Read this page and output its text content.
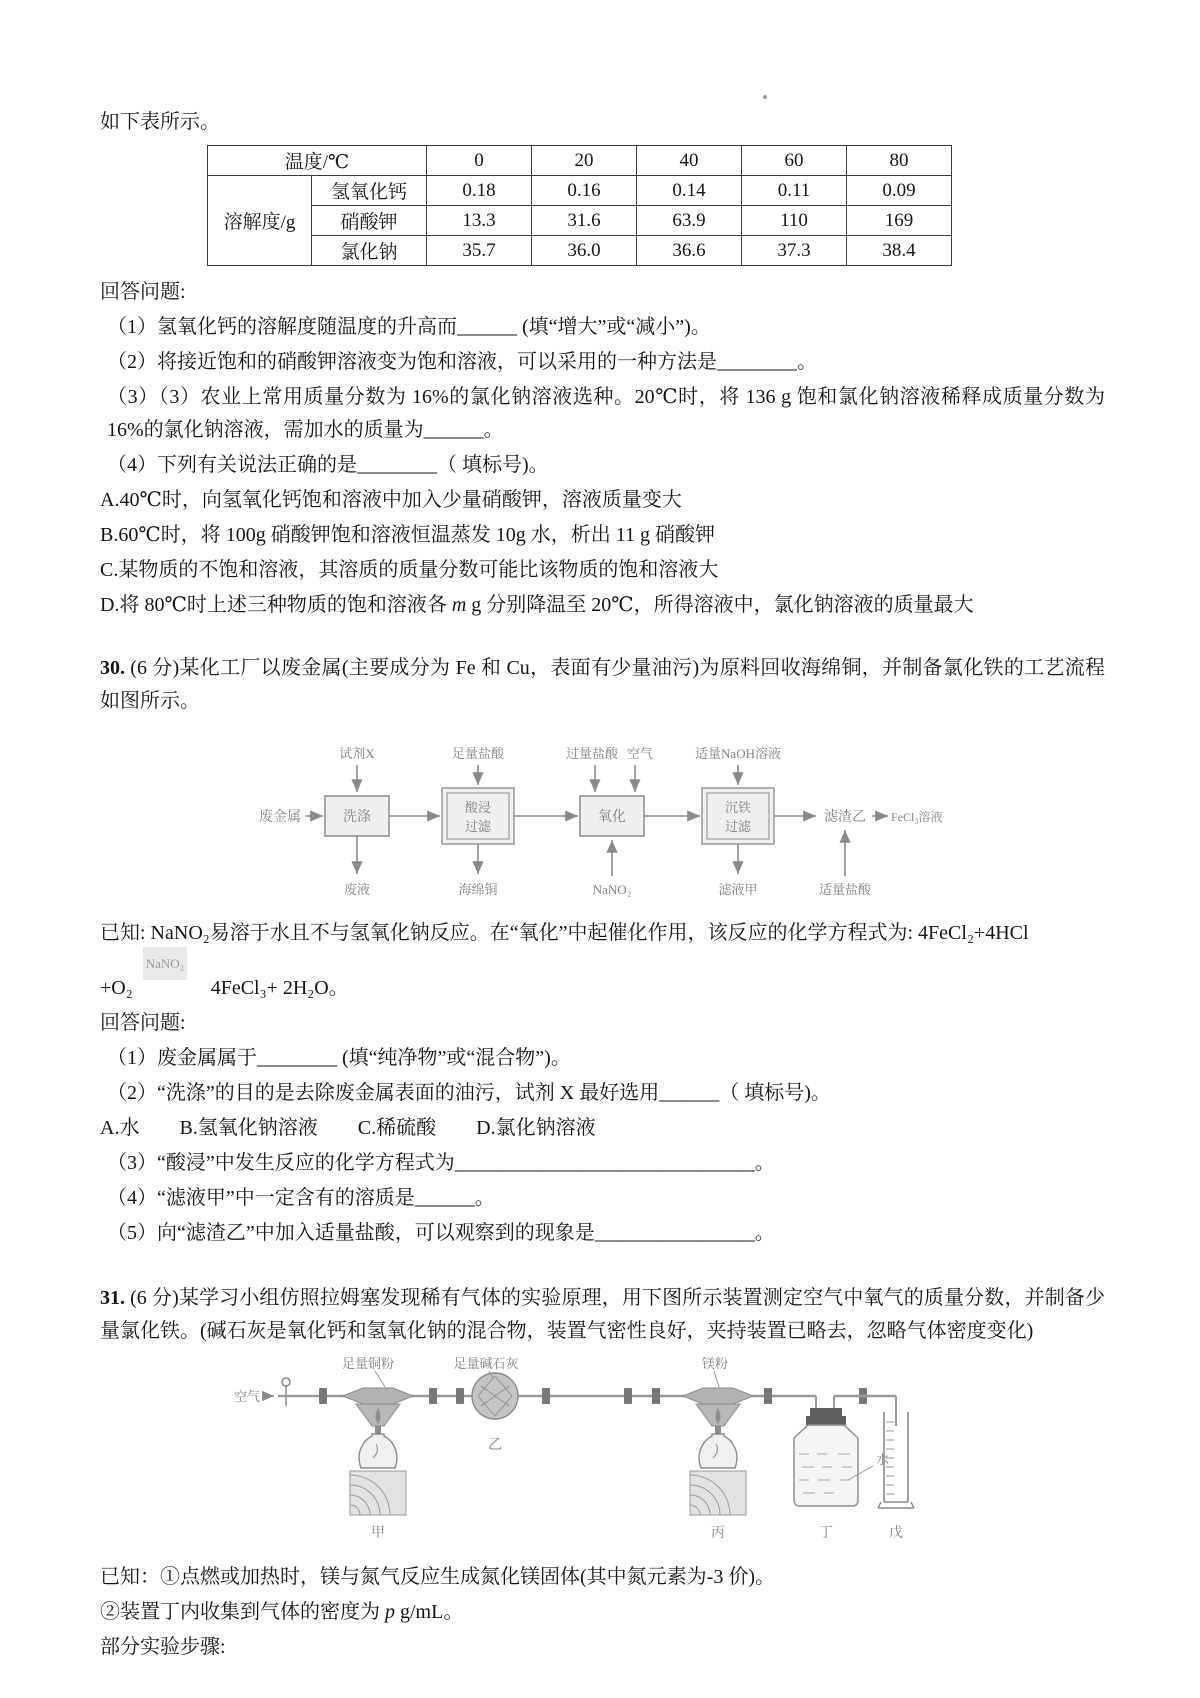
如下表所示。

温度/℃		0	20	40	60	80
溶解度/g	氢氧化钙	0.18	0.16	0.14	0.11	0.09
	硝酸钾	13.3	31.6	63.9	110	169
	氯化钠	35.7	36.0	36.6	37.3	38.4

回答问题:

（1）氢氧化钙的溶解度随温度的升高而______ (填“增大”或“减小”)。

（2）将接近饱和的硝酸钾溶液变为饱和溶液，可以采用的一种方法是________。

（3）（3）农业上常用质量分数为 16%的氯化钠溶液选种。20℃时，将 136 g 饱和氯化钠溶液稀释成质量分数为 16%的氯化钠溶液，需加水的质量为______。

（4）下列有关说法正确的是________（ 填标号)。

A.40℃时，向氢氧化钙饱和溶液中加入少量硝酸钾，溶液质量变大

B.60℃时，将 100g 硝酸钾饱和溶液恒温蒸发 10g 水，析出 11 g 硝酸钾

C.某物质的不饱和溶液，其溶质的质量分数可能比该物质的饱和溶液大

D.将 80℃时上述三种物质的饱和溶液各 m g 分别降温至 20℃，所得溶液中，氯化钠溶液的质量最大

30. (6 分)某化工厂以废金属(主要成分为 Fe 和 Cu，表面有少量油污)为原料回收海绵铜，并制备氯化铁的工艺流程如图所示。

试剂X	足量盐酸	过量盐酸 空气	适量NaOH溶液
废金属	洗涤
酸浸
过滤
氧化
沉铁
过滤
滤渣乙 FeCl₃溶液
废液	海绵铜	NaNO₂	滤液甲	适量盐酸

已知: NaNO₂易溶于水且不与氢氧化钠反应。在“氧化”中起催化作用，该反应的化学方程式为: 4FeCl₂+4HCl

+O₂
NaNO₂
4FeCl₃+ 2H₂O。

回答问题:

（1）废金属属于________ (填“纯净物”或“混合物”)。

（2）“洗涤”的目的是去除废金属表面的油污，试剂 X 最好选用______（ 填标号)。

A.水　　B.氢氧化钠溶液　　C.稀硫酸　　D.氯化钠溶液

（3）“酸浸”中发生反应的化学方程式为______________________________。

（4）“滤液甲”中一定含有的溶质是______。

（5）向“滤渣乙”中加入适量盐酸，可以观察到的现象是________________。

31. (6 分)某学习小组仿照拉姆塞发现稀有气体的实验原理，用下图所示装置测定空气中氧气的质量分数，并制备少量氯化铁。(碱石灰是氧化钙和氢氧化钠的混合物，装置气密性良好，夹持装置已略去，忽略气体密度变化)

空气
足量铜粉
甲
足量碱石灰
乙
镁粉
丙
水
丁	戊

已知：①点燃或加热时，镁与氮气反应生成氮化镁固体(其中氮元素为-3 价)。

②装置丁内收集到气体的密度为 p g/mL。

部分实验步骤:
